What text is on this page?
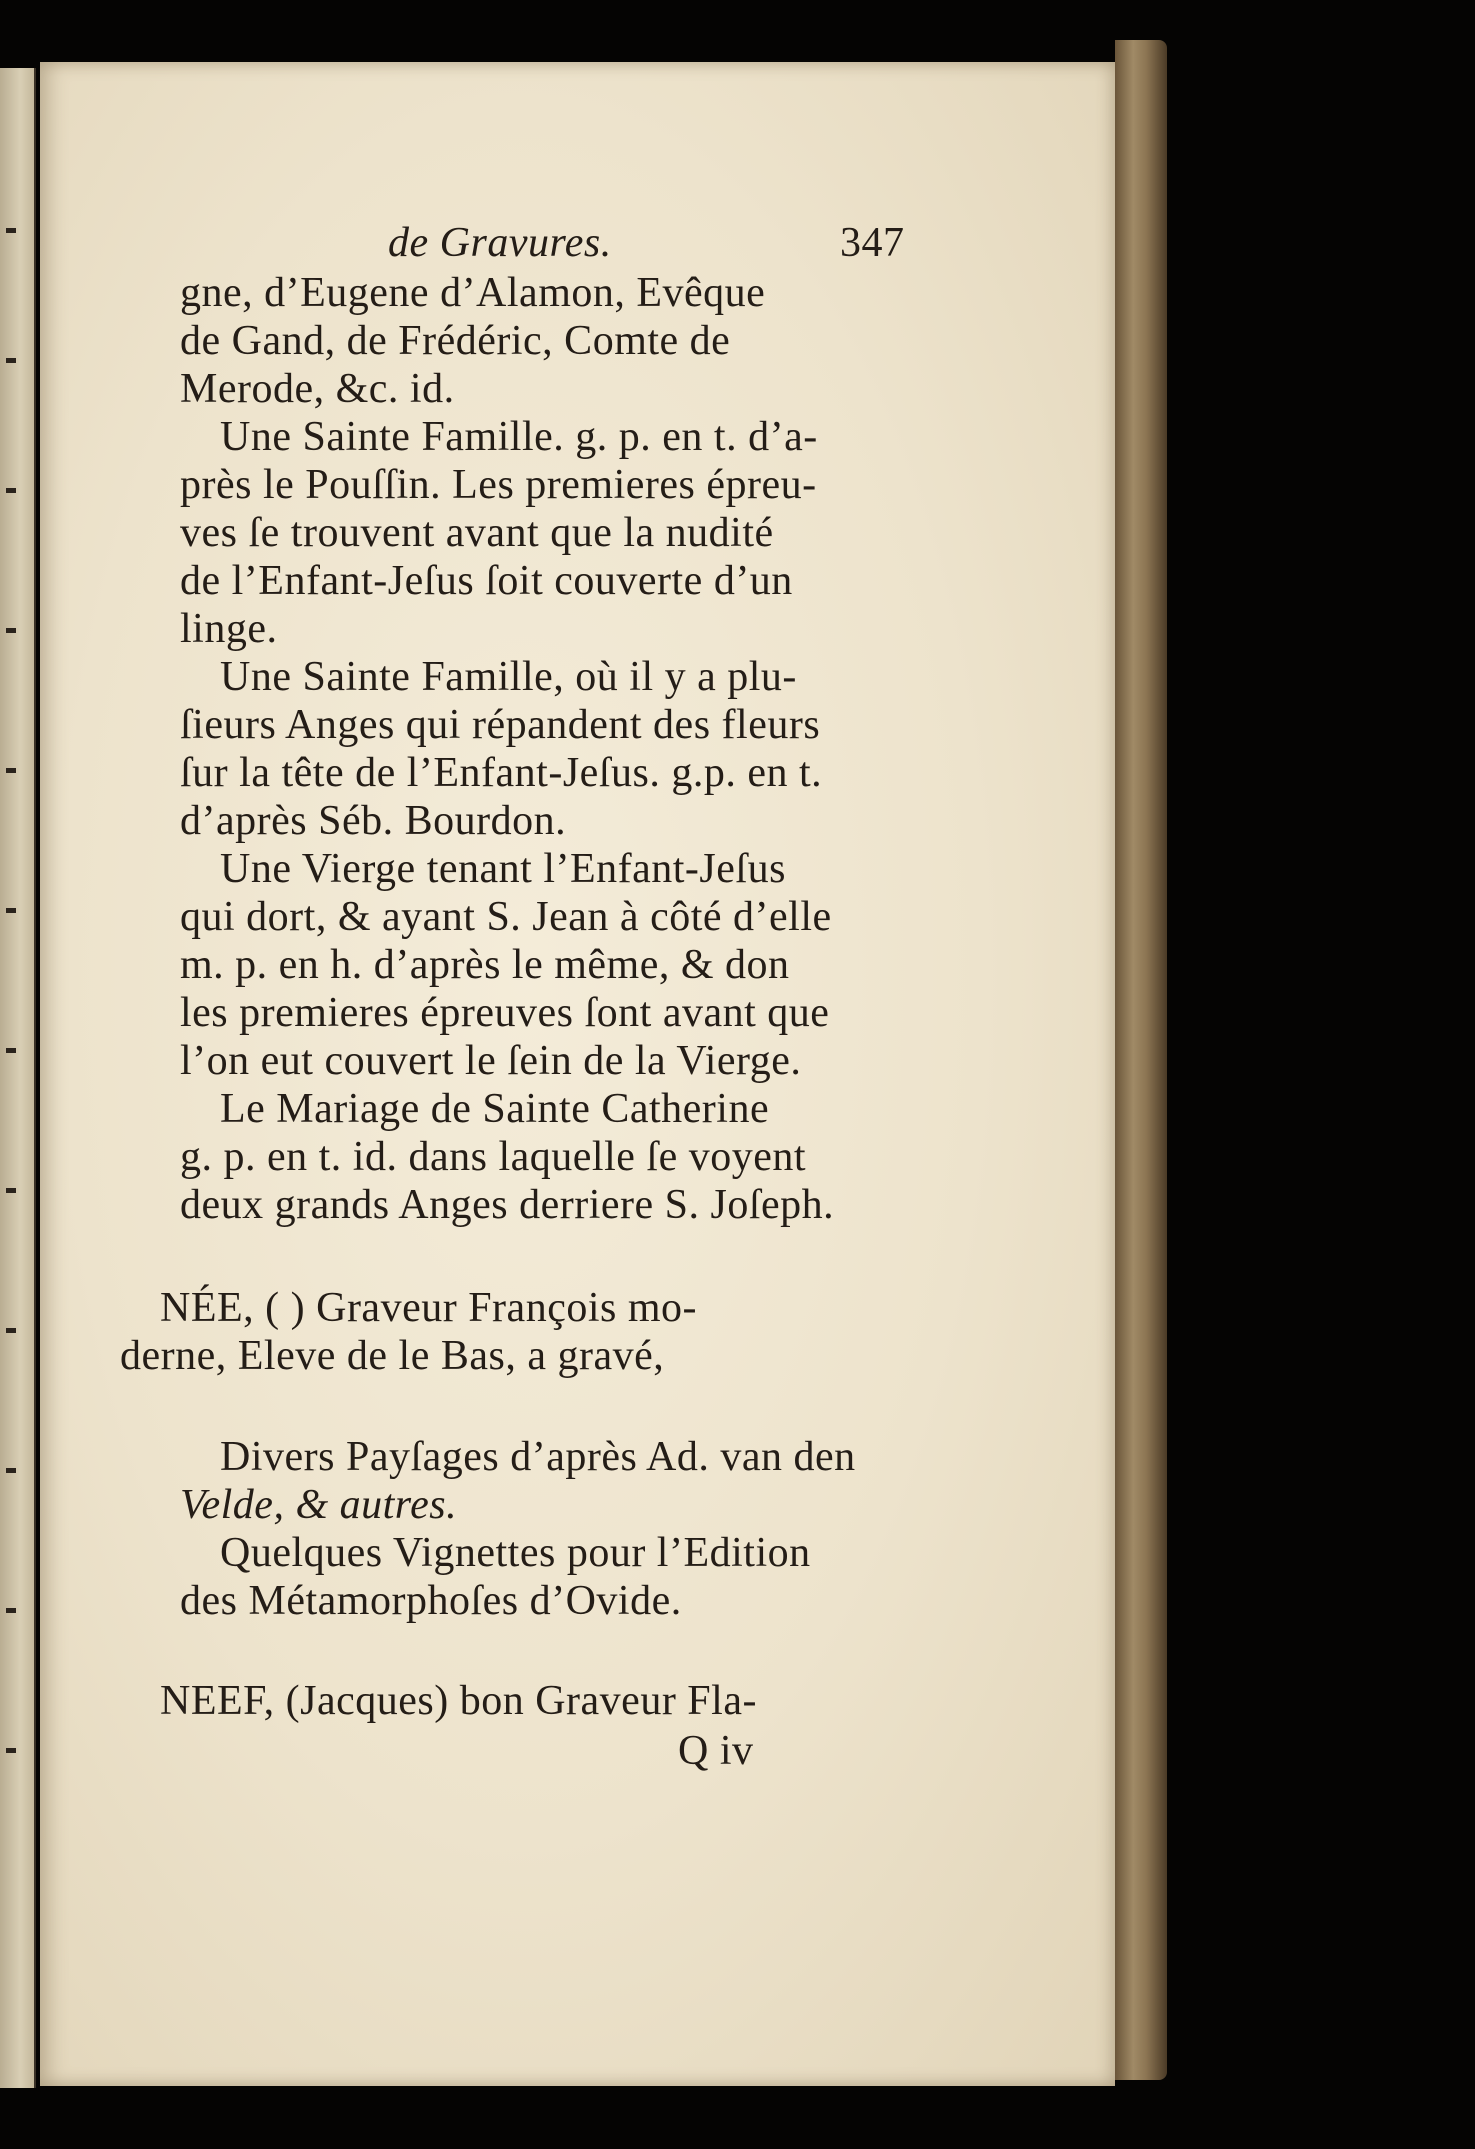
de Gravures.	347
gne, d’Eugene d’Alamon, Evêque
de Gand, de Frédéric, Comte de
Merode, &c. id.
Une Sainte Famille. g. p. en t. d’a-
près le Pouſſin. Les premieres épreu-
ves ſe trouvent avant que la nudité
de l’Enfant-Jeſus ſoit couverte d’un
linge.
Une Sainte Famille, où il y a plu-
ſieurs Anges qui répandent des fleurs
ſur la tête de l’Enfant-Jeſus. g.p. en t.
d’après Séb. Bourdon.
Une Vierge tenant l’Enfant-Jeſus
qui dort, & ayant S. Jean à côté d’elle
m. p. en h. d’après le même, & don
les premieres épreuves ſont avant que
l’on eut couvert le ſein de la Vierge.
Le Mariage de Sainte Catherine
g. p. en t. id. dans laquelle ſe voyent
deux grands Anges derriere S. Joſeph.
NÉE, ( ) Graveur François mo-
derne, Eleve de le Bas, a gravé,
Divers Payſages d’après Ad. van den
Velde, & autres.
Quelques Vignettes pour l’Edition
des Métamorphoſes d’Ovide.
NEEF, (Jacques) bon Graveur Fla-
Q iv
